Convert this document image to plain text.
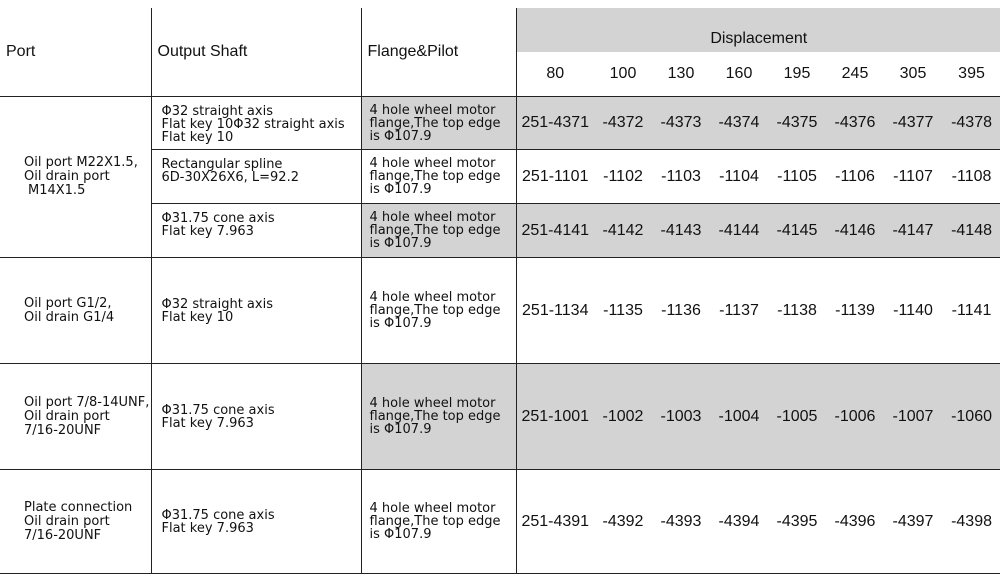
Port	Output Shaft	Flange&Pilot	Displacement							
			80	100	130	160	195	245	305	395

Oil port M22X1.5,
Oil drain port
M14X1.5	Φ32 straight axis
Flat key 10Φ32 straight axis
Flat key 10	4 hole wheel motor
flange,The top edge
is Φ107.9	251-4371	-4372	-4373	-4374	-4375	-4376	-4377	-4378

	Rectangular spline
6D-30X26X6, L=92.2	4 hole wheel motor
flange,The top edge
is Φ107.9	251-1101	-1102	-1103	-1104	-1105	-1106	-1107	-1108

	Φ31.75 cone axis
Flat key 7.963	4 hole wheel motor
flange,The top edge
is Φ107.9	251-4141	-4142	-4143	-4144	-4145	-4146	-4147	-4148

Oil port G1/2,
Oil drain G1/4	Φ32 straight axis
Flat key 10	4 hole wheel motor
flange,The top edge
is Φ107.9	251-1134	-1135	-1136	-1137	-1138	-1139	-1140	-1141

Oil port 7/8-14UNF,
Oil drain port
7/16-20UNF	Φ31.75 cone axis
Flat key 7.963	4 hole wheel motor
flange,The top edge
is Φ107.9	251-1001	-1002	-1003	-1004	-1005	-1006	-1007	-1060

Plate connection
Oil drain port
7/16-20UNF	Φ31.75 cone axis
Flat key 7.963	4 hole wheel motor
flange,The top edge
is Φ107.9	251-4391	-4392	-4393	-4394	-4395	-4396	-4397	-4398
